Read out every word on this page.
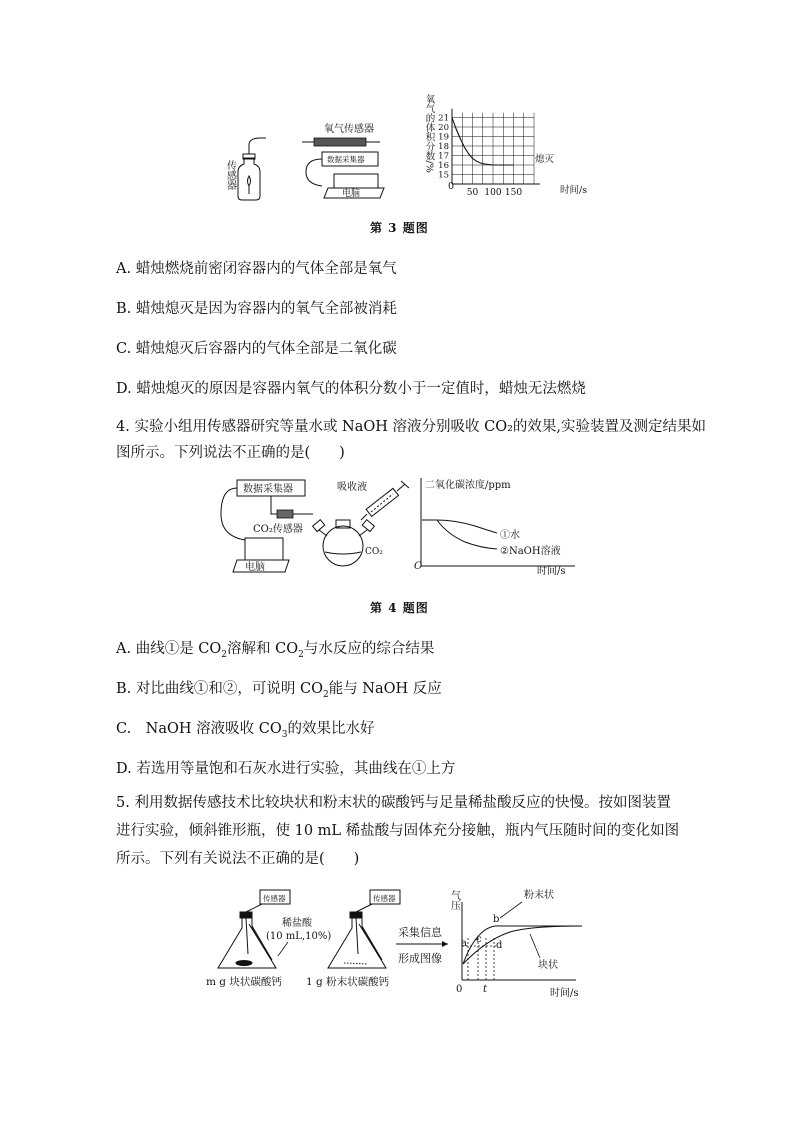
传感器
氧气传感器
数据采集器
电脑
15
16
17
18
19
20
21
50 100 150
氧气的体积分数/%
时间/s
0
熄灭
第 3 题图
A. 蜡烛燃烧前密闭容器内的气体全部是氧气
B. 蜡烛熄灭是因为容器内的氧气全部被消耗
C. 蜡烛熄灭后容器内的气体全部是二氧化碳
D. 蜡烛熄灭的原因是容器内氧气的体积分数小于一定值时，蜡烛无法燃烧
4. 实验小组用传感器研究等量水或 NaOH 溶液分别吸收 CO₂的效果,实验装置及测定结果如
图所示。下列说法不正确的是(　　)
数据采集器
CO₂传感器
CO₂
吸收液
电脑
二氧化碳浓度/ppm
O	时间/s
①水
②NaOH溶液
第 4 题图
A. 曲线①是 $CO_2$溶解和 $CO_2$与水反应的综合结果
B. 对比曲线①和②，可说明 $CO_2$能与 NaOH 反应
C.　NaOH 溶液吸收 $CO_3$的效果比水好
D. 若选用等量饱和石灰水进行实验，其曲线在①上方
5. 利用数据传感技术比较块状和粉末状的碳酸钙与足量稀盐酸反应的快慢。按如图装置进行实验，倾斜锥形瓶，使 10 mL 稀盐酸与固体充分接触，瓶内气压随时间的变化如图所示。下列有关说法不正确的是(　　)
传感器	传感器
稀盐酸
(10 mL,10%)
m g 块状碳酸钙 1 g 粉末状碳酸钙
采集信息
形成图像
气压
0 t	时间/s
粉末状
块状
a c
b
d
